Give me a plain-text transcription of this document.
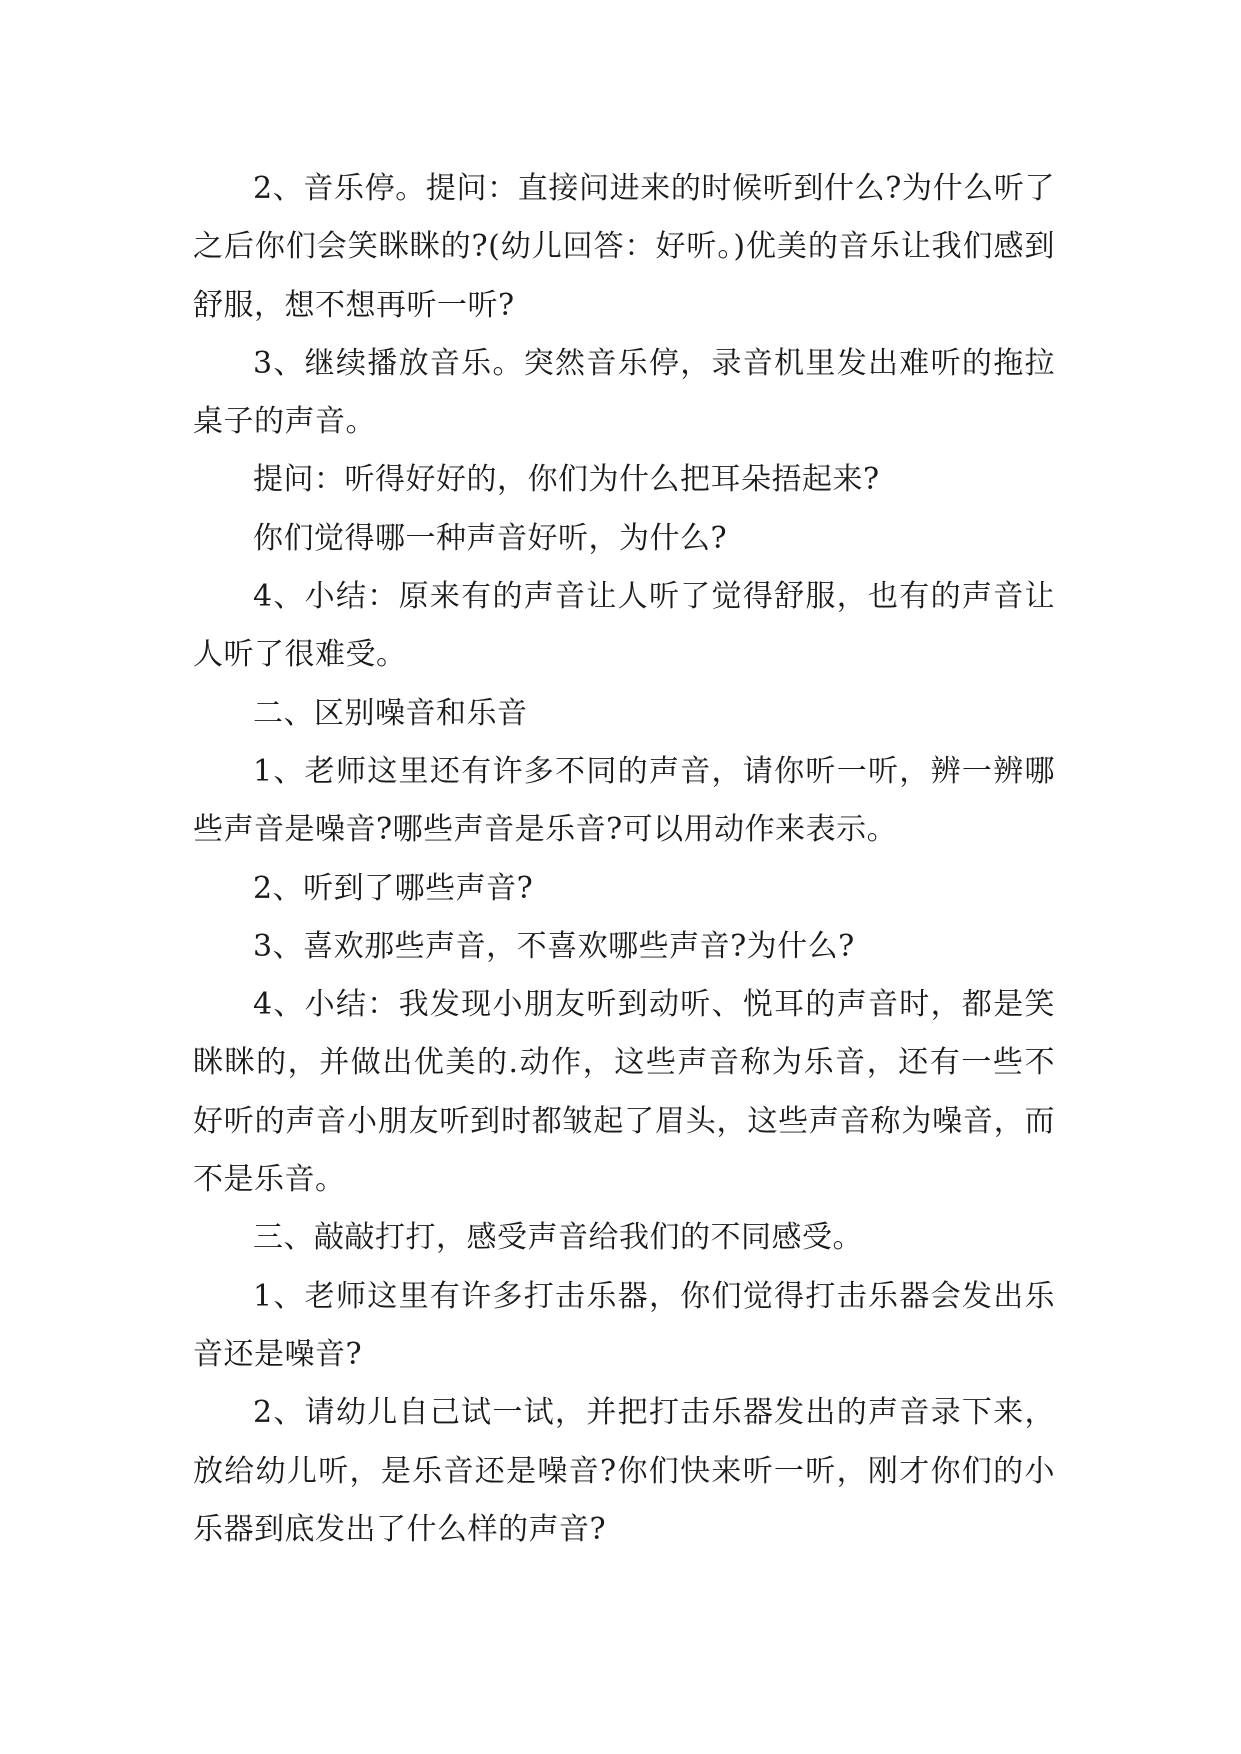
2、音乐停。提问：直接问进来的时候听到什么?为什么听了之后你们会笑眯眯的?(幼儿回答：好听。)优美的音乐让我们感到舒服，想不想再听一听?

3、继续播放音乐。突然音乐停，录音机里发出难听的拖拉桌子的声音。

提问：听得好好的，你们为什么把耳朵捂起来?

你们觉得哪一种声音好听，为什么?

4、小结：原来有的声音让人听了觉得舒服，也有的声音让人听了很难受。

二、区别噪音和乐音

1、老师这里还有许多不同的声音，请你听一听，辨一辨哪些声音是噪音?哪些声音是乐音?可以用动作来表示。

2、听到了哪些声音?

3、喜欢那些声音，不喜欢哪些声音?为什么?

4、小结：我发现小朋友听到动听、悦耳的声音时，都是笑眯眯的，并做出优美的.动作，这些声音称为乐音，还有一些不好听的声音小朋友听到时都皱起了眉头，这些声音称为噪音，而不是乐音。

三、敲敲打打，感受声音给我们的不同感受。

1、老师这里有许多打击乐器，你们觉得打击乐器会发出乐音还是噪音?

2、请幼儿自己试一试，并把打击乐器发出的声音录下来，放给幼儿听，是乐音还是噪音?你们快来听一听，刚才你们的小乐器到底发出了什么样的声音?
